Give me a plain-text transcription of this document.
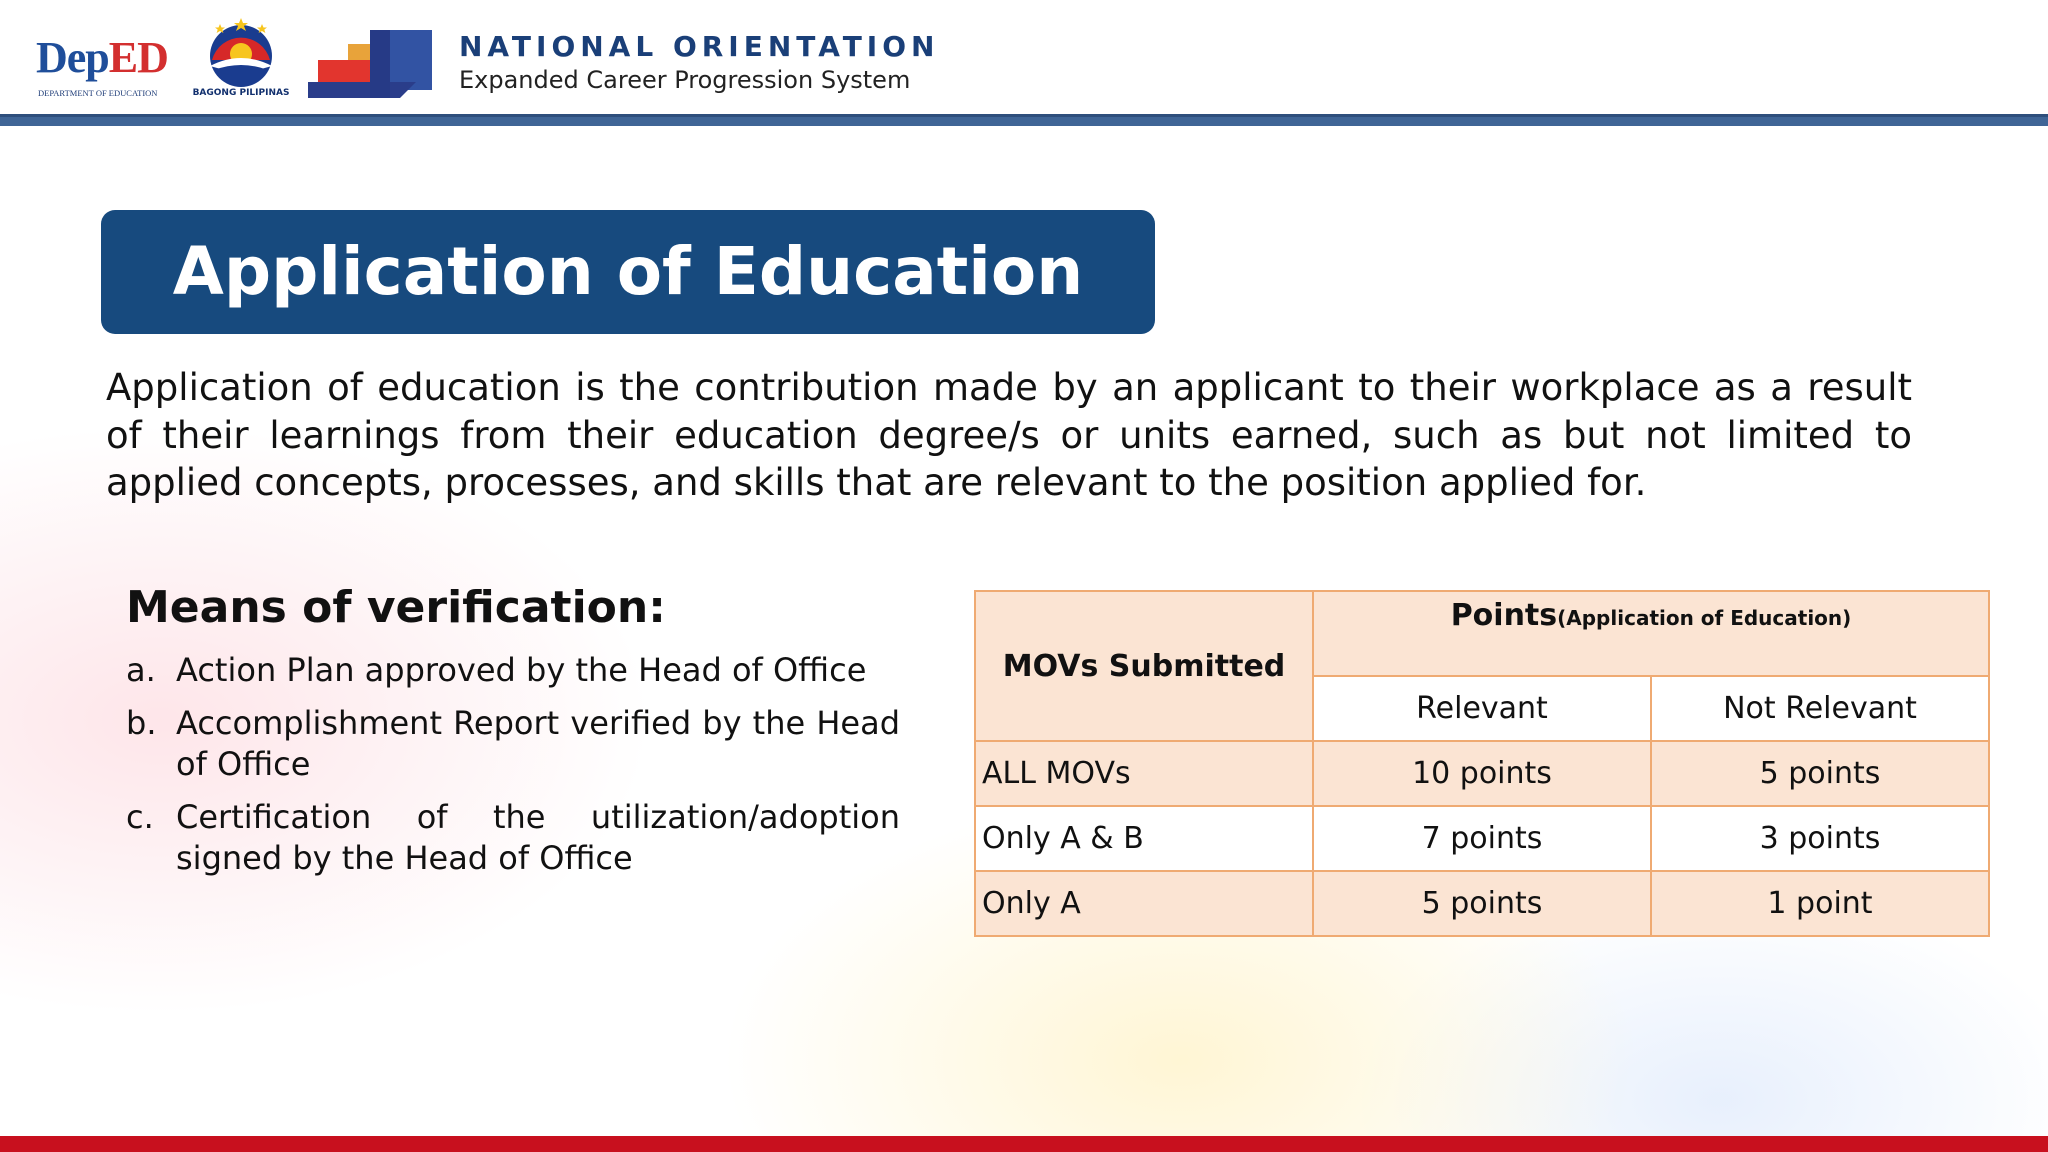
DepED
DEPARTMENT OF EDUCATION	BAGONG PILIPINAS
NATIONAL ORIENTATION
Expanded Career Progression System
Application of Education
Application of education is the contribution made by an applicant to their workplace as a result of their learnings from their education degree/s or units earned, such as but not limited to applied concepts, processes, and skills that are relevant to the position applied for.
Means of verification:
a. Action Plan approved by the Head of Office
b. Accomplishment Report verified by the Head of Office
c. Certification of the utilization/adoption signed by the Head of Office
MOVs Submitted	Points(Application of Education)	
	Relevant	Not Relevant
ALL MOVs	10 points	5 points
Only A & B	7 points	3 points
Only A	5 points	1 point
